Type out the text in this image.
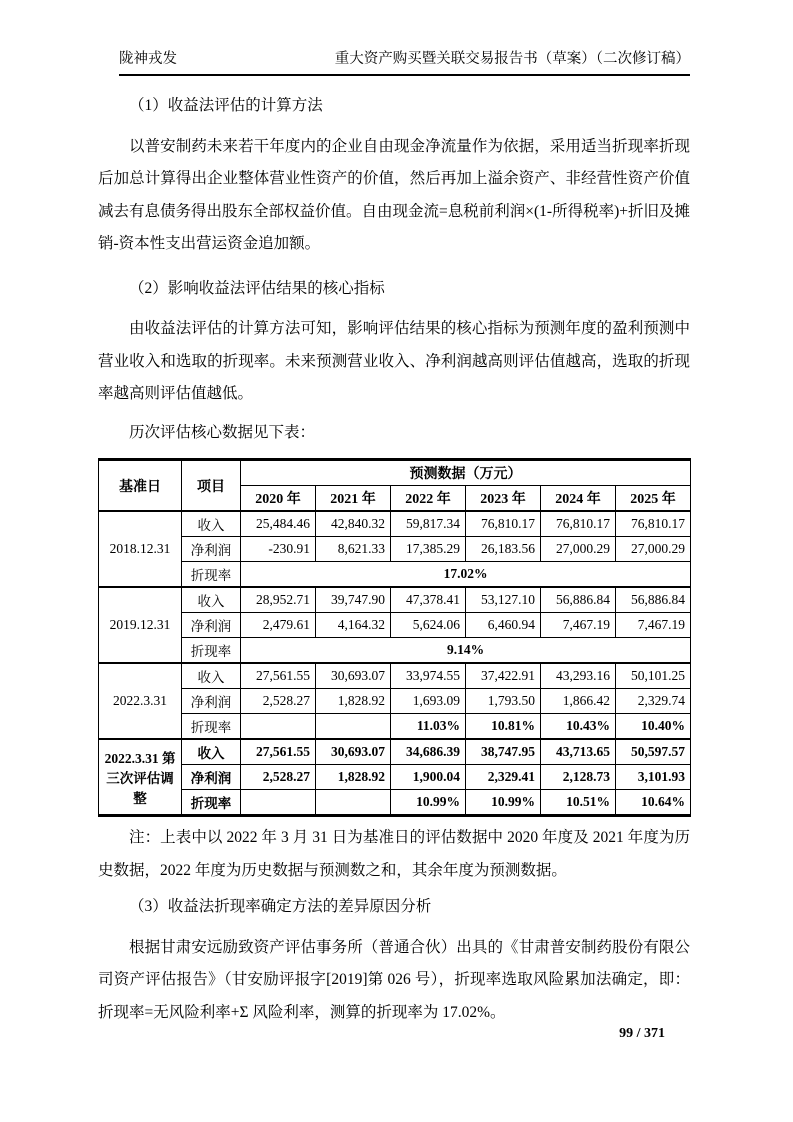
陇神戎发	重大资产购买暨关联交易报告书（草案）（二次修订稿）

（1）收益法评估的计算方法

以普安制药未来若干年度内的企业自由现金净流量作为依据，采用适当折现率折现后加总计算得出企业整体营业性资产的价值，然后再加上溢余资产、非经营性资产价值减去有息债务得出股东全部权益价值。自由现金流=息税前利润×(1-所得税率)+折旧及摊销-资本性支出营运资金追加额。

（2）影响收益法评估结果的核心指标

由收益法评估的计算方法可知，影响评估结果的核心指标为预测年度的盈利预测中营业收入和选取的折现率。未来预测营业收入、净利润越高则评估值越高，选取的折现率越高则评估值越低。

历次评估核心数据见下表：

基准日	项目	预测数据（万元）					
		2020 年	2021 年	2022 年	2023 年	2024 年	2025 年
2018.12.31	收入	25,484.46	42,840.32	59,817.34	76,810.17	76,810.17	76,810.17
	净利润	-230.91	8,621.33	17,385.29	26,183.56	27,000.29	27,000.29
	折现率	17.02%					
2019.12.31	收入	28,952.71	39,747.90	47,378.41	53,127.10	56,886.84	56,886.84
	净利润	2,479.61	4,164.32	5,624.06	6,460.94	7,467.19	7,467.19
	折现率	9.14%					
2022.3.31	收入	27,561.55	30,693.07	33,974.55	37,422.91	43,293.16	50,101.25
	净利润	2,528.27	1,828.92	1,693.09	1,793.50	1,866.42	2,329.74
	折现率			11.03%	10.81%	10.43%	10.40%
2022.3.31 第三次评估调整	收入	27,561.55	30,693.07	34,686.39	38,747.95	43,713.65	50,597.57
	净利润	2,528.27	1,828.92	1,900.04	2,329.41	2,128.73	3,101.93
	折现率			10.99%	10.99%	10.51%	10.64%

注：上表中以 2022 年 3 月 31 日为基准日的评估数据中 2020 年度及 2021 年度为历史数据，2022 年度为历史数据与预测数之和，其余年度为预测数据。

（3）收益法折现率确定方法的差异原因分析

根据甘肃安远励致资产评估事务所（普通合伙）出具的《甘肃普安制药股份有限公司资产评估报告》（甘安励评报字[2019]第 026 号），折现率选取风险累加法确定，即：折现率=无风险利率+Σ 风险利率，测算的折现率为 17.02%。

99 / 371
